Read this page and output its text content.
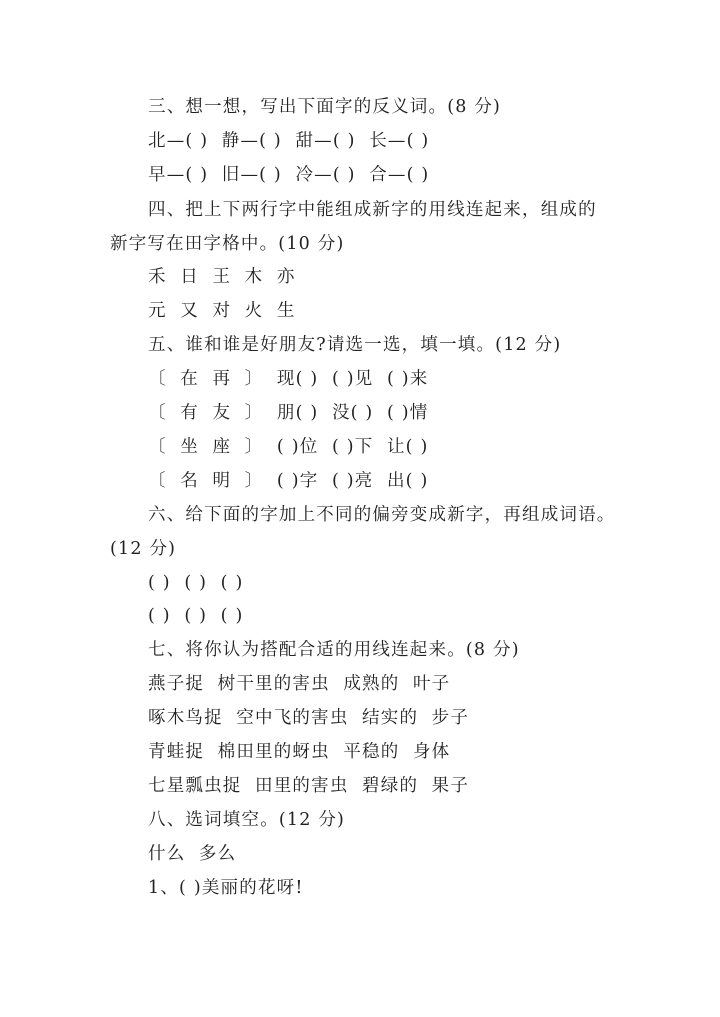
三、想一想，写出下面字的反义词。(8 分)
北—( )  静—( )  甜—( )  长—( )
早—( )  旧—( )  冷—( )  合—( )
四、把上下两行字中能组成新字的用线连起来，组成的
新字写在田字格中。(10 分)
禾  日  王  木  亦
元  又  对  火  生
五、谁和谁是好朋友?请选一选，填一填。(12 分)
〔  在  再  〕  现( )  ( )见  ( )来
〔  有  友  〕  朋( )  没( )  ( )情
〔  坐  座  〕  ( )位  ( )下  让( )
〔  名  明  〕  ( )字  ( )亮  出( )
六、给下面的字加上不同的偏旁变成新字，再组成词语。
(12 分)
( )  ( )  ( )
( )  ( )  ( )
七、将你认为搭配合适的用线连起来。(8 分)
燕子捉  树干里的害虫  成熟的  叶子
啄木鸟捉  空中飞的害虫  结实的  步子
青蛙捉  棉田里的蚜虫  平稳的  身体
七星瓢虫捉  田里的害虫  碧绿的  果子
八、选词填空。(12 分)
什么  多么
1、( )美丽的花呀!
